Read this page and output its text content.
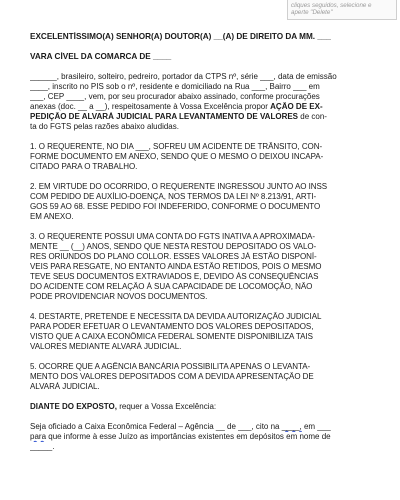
cliques seguidos, selecione e
aperte "Delete"

EXCELENTÍSSIMO(A) SENHOR(A) DOUTOR(A) __(A) DE DIREITO DA MM. ___

VARA CÍVEL DA COMARCA DE ____

______, brasileiro, solteiro, pedreiro, portador da CTPS nº, série ___, data de emissão
____, inscrito no PIS sob o nº, residente e domiciliado na Rua ___, Bairro ___ em
___, CEP ____, vem, por seu procurador abaixo assinado, conforme procurações
anexas (doc. __ a __), respeitosamente à Vossa Excelência propor AÇÃO DE EX-
PEDIÇÃO DE ALVARÁ JUDICIAL PARA LEVANTAMENTO DE VALORES de con-
ta do FGTS pelas razões abaixo aludidas.

1. O REQUERENTE, NO DIA ___, SOFREU UM ACIDENTE DE TRÂNSITO, CON-
FORME DOCUMENTO EM ANEXO, SENDO QUE O MESMO O DEIXOU INCAPA-
CITADO PARA O TRABALHO.

2. EM VIRTUDE DO OCORRIDO, O REQUERENTE INGRESSOU JUNTO AO INSS
COM PEDIDO DE AUXÍLIO-DOENÇA, NOS TERMOS DA LEI Nº 8.213/91, ARTI-
GOS 59 AO 68. ESSE PEDIDO FOI INDEFERIDO, CONFORME O DOCUMENTO
EM ANEXO.

3. O REQUERENTE POSSUI UMA CONTA DO FGTS INATIVA A APROXIMADA-
MENTE __ (__) ANOS, SENDO QUE NESTA RESTOU DEPOSITADO OS VALO-
RES ORIUNDOS DO PLANO COLLOR. ESSES VALORES JÁ ESTÃO DISPONÍ-
VEIS PARA RESGATE, NO ENTANTO AINDA ESTÃO RETIDOS, POIS O MESMO
TEVE SEUS DOCUMENTOS EXTRAVIADOS E, DEVIDO ÀS CONSEQUÊNCIAS
DO ACIDENTE COM RELAÇÃO À SUA CAPACIDADE DE LOCOMOÇÃO, NÃO
PODE PROVIDENCIAR NOVOS DOCUMENTOS.

4. DESTARTE, PRETENDE E NECESSITA DA DEVIDA AUTORIZAÇÃO JUDICIAL
PARA PODER EFETUAR O LEVANTAMENTO DOS VALORES DEPOSITADOS,
VISTO QUE A CAIXA ECONÔMICA FEDERAL SOMENTE DISPONIBILIZA TAIS
VALORES MEDIANTE ALVARÁ JUDICIAL.

5. OCORRE QUE A AGÊNCIA BANCÁRIA POSSIBILITA APENAS O LEVANTA-
MENTO DOS VALORES DEPOSITADOS COM A DEVIDA APRESENTAÇÃO DE
ALVARÁ JUDICIAL.

DIANTE DO EXPOSTO, requer a Vossa Excelência:

Seja oficiado a Caixa Econômica Federal – Agência __ de ___, cito na ____, em ___
para que informe à esse Juízo as importâncias existentes em depósitos em nome de
_____.
